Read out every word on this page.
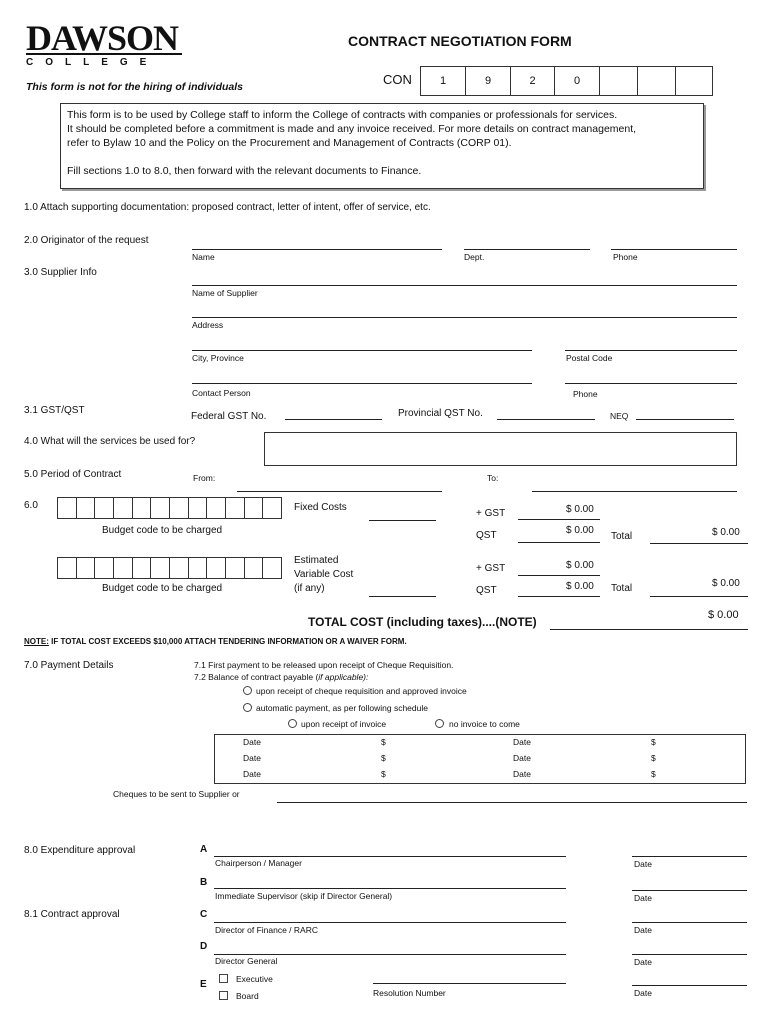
DAWSON
COLLEGE
CONTRACT NEGOTIATION FORM
This form is not for the hiring of individuals	CON	1	9	2	0
This form is to be used by College staff to inform the College of contracts with companies or professionals for services.
It should be completed before a commitment is made and any invoice received. For more details on contract management,
refer to Bylaw 10 and the Policy on the Procurement and Management of Contracts (CORP 01).
Fill sections 1.0 to 8.0, then forward with the relevant documents to Finance.
1.0 Attach supporting documentation: proposed contract, letter of intent, offer of service, etc.
2.0 Originator of the request
Name	Dept.	Phone
3.0 Supplier Info
Name of Supplier
Address
City, Province	Postal Code
Contact Person	Phone
3.1 GST/QST
Federal GST No.	Provincial QST No.	NEQ
4.0 What will the services be used for?
5.0 Period of Contract	From:	To:
6.0
Budget code to be charged
Fixed Costs
+ GST	$ 0.00
QST	$ 0.00
Total	$ 0.00
Budget code to be charged
Estimated
Variable Cost
(if any)
+ GST	$ 0.00
QST	$ 0.00 Total	$ 0.00
TOTAL COST (including taxes)....(NOTE)	$ 0.00
NOTE: IF TOTAL COST EXCEEDS $10,000 ATTACH TENDERING INFORMATION OR A WAIVER FORM.
7.0 Payment Details	7.1 First payment to be released upon receipt of Cheque Requisition.
7.2 Balance of contract payable (if applicable):
upon receipt of cheque requisition and approved invoice
automatic payment, as per following schedule
upon receipt of invoice	no invoice to come
Date	$	Date	$
Date	$	Date	$
Date	$	Date	$
Cheques to be sent to Supplier or
8.0 Expenditure approval	A
Chairperson / Manager	Date
B
Immediate Supervisor (skip if Director General)	Date
8.1 Contract approval	C
Director of Finance / RARC	Date
D
Director General	Date
E	Executive
Board	Resolution Number	Date
